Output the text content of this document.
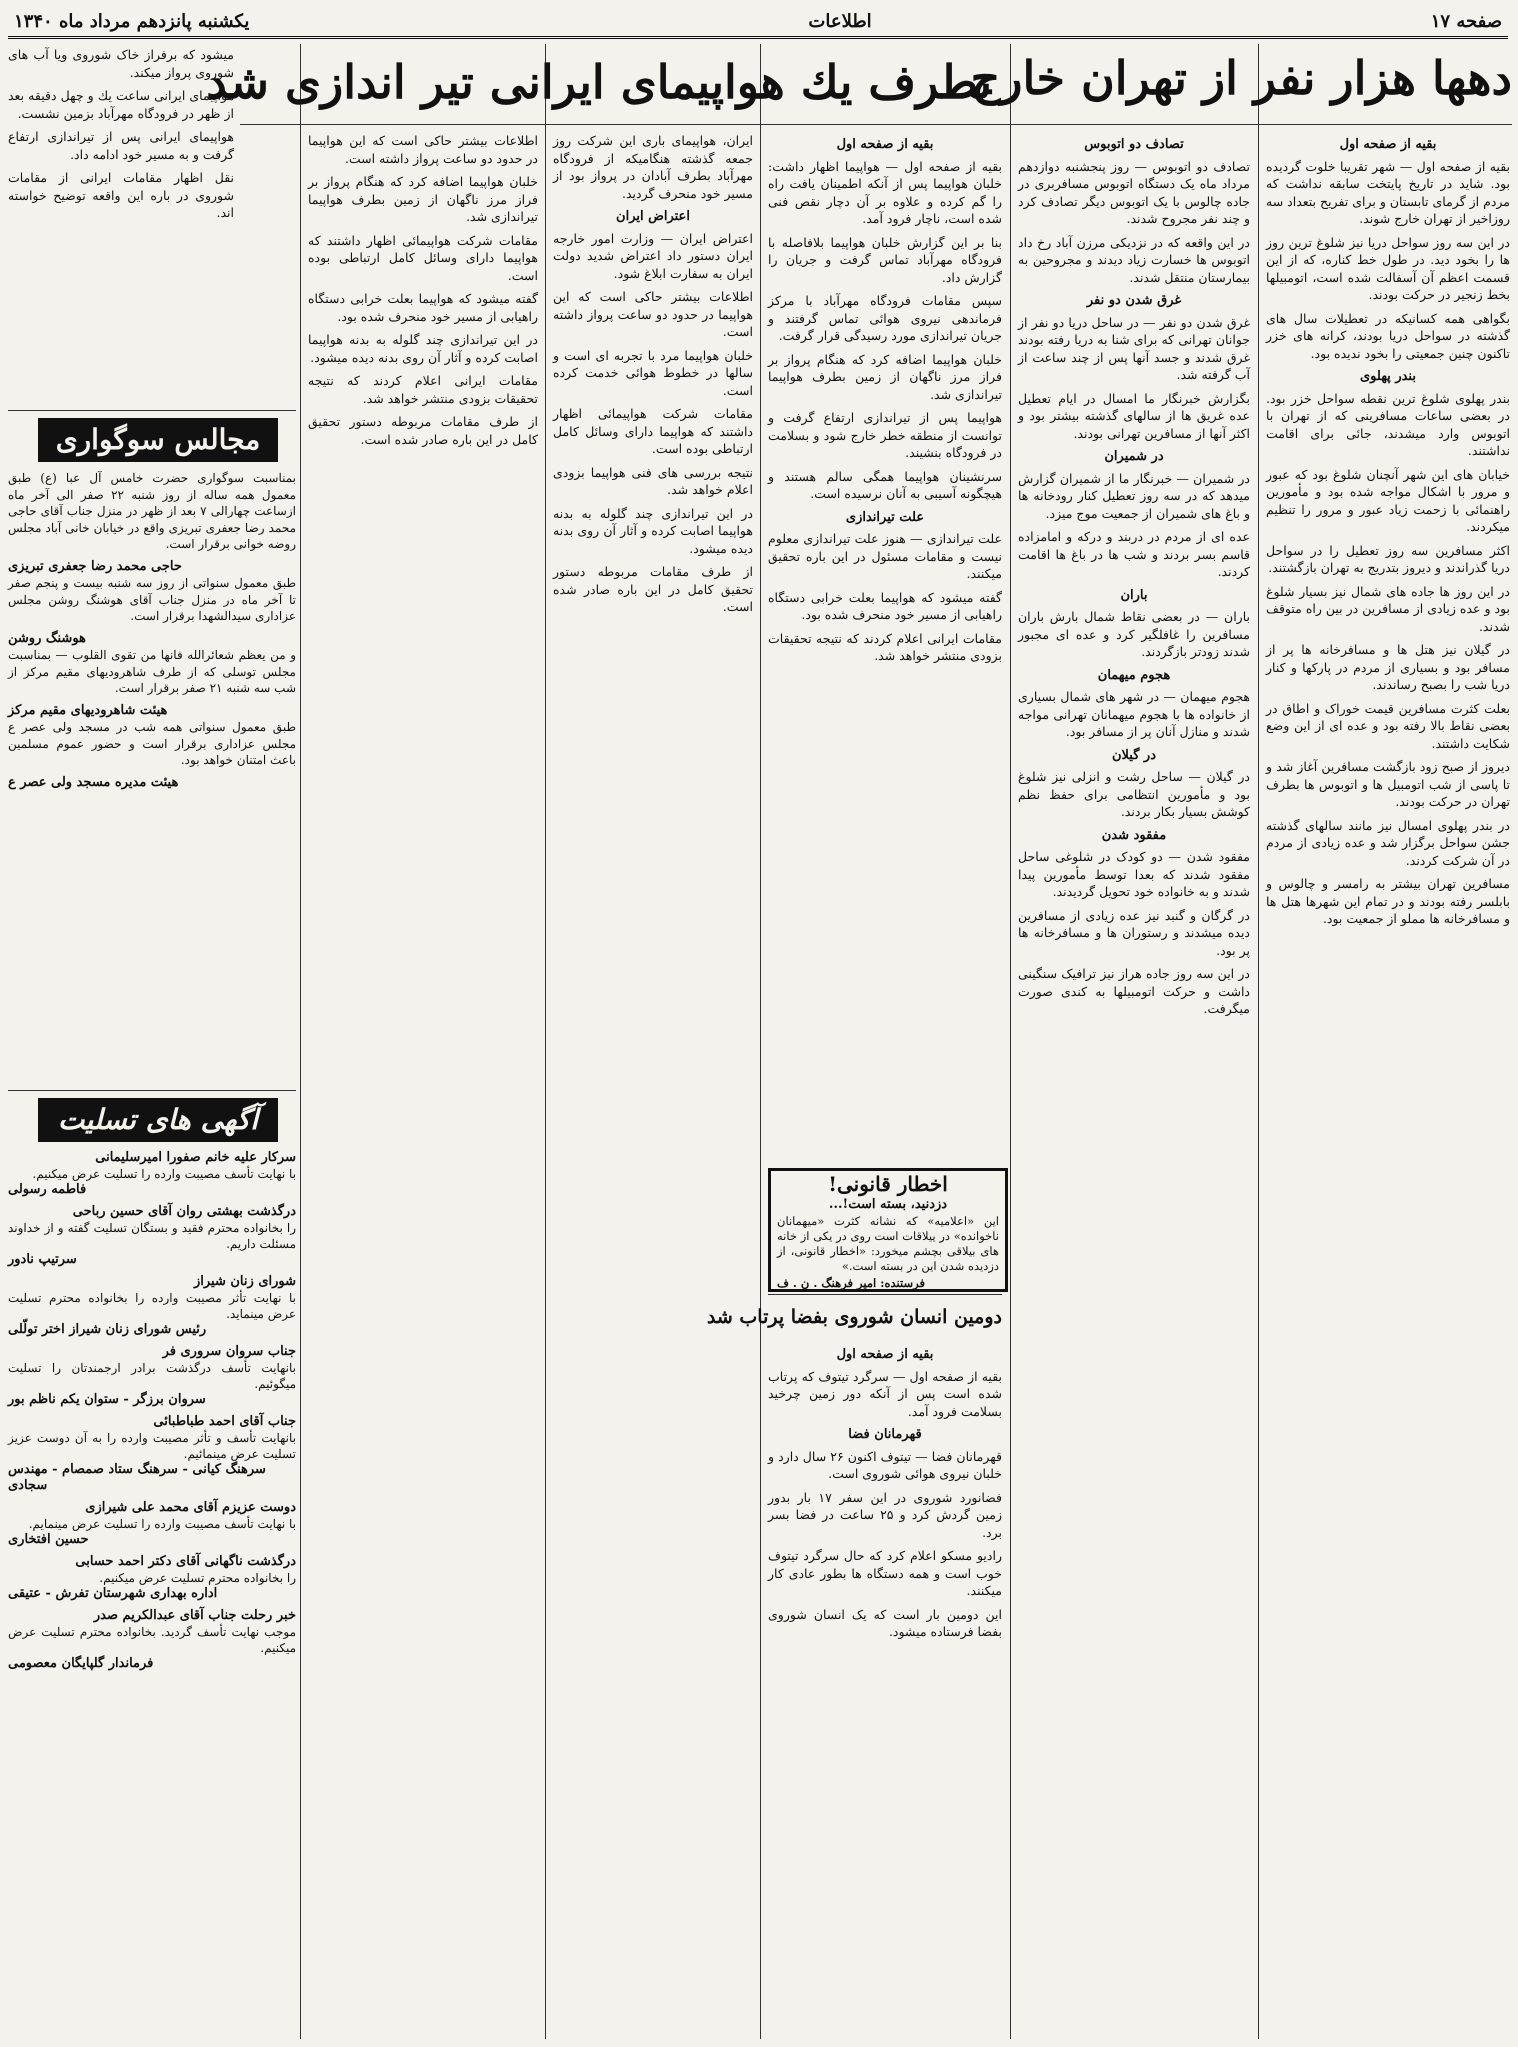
صفحه ۱۷
اطلاعات
یکشنبه پانزدهم مرداد ماه ۱۳۴۰
دهها هزار نفر از تهران خارج
بطرف یك هواپیمای ایرانی تیر اندازی شد
بقیه از صفحه اول

بقیه از صفحه اول — شهر تقریبا خلوت گردیده بود. شاید در تاریخ پایتخت سابقه نداشت که مردم از گرمای تابستان و برای تفریح بتعداد سه روزاخیر از تهران خارج شوند.

در این سه روز سواحل دریا نیز شلوغ ترین روز ها را بخود دید. در طول خط کناره، که از این قسمت اعظم آن آسفالت شده است، اتومبیلها بخط زنجیر در حرکت بودند.

بگواهی همه کسانیکه در تعطیلات سال های گذشته در سواحل دریا بودند، کرانه های خزر تاکنون چنین جمعیتی را بخود ندیده بود.

بندر پهلوی

بندر پهلوی شلوغ ترین نقطه سواحل خزر بود. در بعضی ساعات مسافرینی که از تهران با اتوبوس وارد میشدند، جائی برای اقامت نداشتند.

خیابان های این شهر آنچنان شلوغ بود که عبور و مرور با اشکال مواجه شده بود و مأمورین راهنمائی با زحمت زیاد عبور و مرور را تنظیم میکردند.

اکثر مسافرین سه روز تعطیل را در سواحل دریا گذراندند و دیروز بتدریج به تهران بازگشتند.

در این روز ها جاده های شمال نیز بسیار شلوغ بود و عده زیادی از مسافرین در بین راه متوقف شدند.

در گیلان نیز هتل ها و مسافرخانه ها پر از مسافر بود و بسیاری از مردم در پارکها و کنار دریا شب را بصبح رساندند.

بعلت کثرت مسافرین قیمت خوراک و اطاق در بعضی نقاط بالا رفته بود و عده ای از این وضع شکایت داشتند.

دیروز از صبح زود بازگشت مسافرین آغاز شد و تا پاسی از شب اتومبیل ها و اتوبوس ها بطرف تهران در حرکت بودند.

در بندر پهلوی امسال نیز مانند سالهای گذشته جشن سواحل برگزار شد و عده زیادی از مردم در آن شرکت کردند.

مسافرین تهران بیشتر به رامسر و چالوس و بابلسر رفته بودند و در تمام این شهرها هتل ها و مسافرخانه ها مملو از جمعیت بود.

تصادف دو اتوبوس

تصادف دو اتوبوس — روز پنجشنبه دوازدهم مرداد ماه یک دستگاه اتوبوس مسافربری در جاده چالوس با یک اتوبوس دیگر تصادف کرد و چند نفر مجروح شدند.

در این واقعه که در نزدیکی مرزن آباد رخ داد اتوبوس ها خسارت زیاد دیدند و مجروحین به بیمارستان منتقل شدند.

غرق شدن دو نفر

غرق شدن دو نفر — در ساحل دریا دو نفر از جوانان تهرانی که برای شنا به دریا رفته بودند غرق شدند و جسد آنها پس از چند ساعت از آب گرفته شد.

بگزارش خبرنگار ما امسال در ایام تعطیل عده غریق ها از سالهای گذشته بیشتر بود و اکثر آنها از مسافرین تهرانی بودند.

در شمیران

در شمیران — خبرنگار ما از شمیران گزارش میدهد که در سه روز تعطیل کنار رودخانه ها و باغ های شمیران از جمعیت موج میزد.

عده ای از مردم در دربند و درکه و امامزاده قاسم بسر بردند و شب ها در باغ ها اقامت کردند.

باران

باران — در بعضی نقاط شمال بارش باران مسافرین را غافلگیر کرد و عده ای مجبور شدند زودتر بازگردند.

هجوم میهمان

هجوم میهمان — در شهر های شمال بسیاری از خانواده ها با هجوم میهمانان تهرانی مواجه شدند و منازل آنان پر از مسافر بود.

در گیلان

در گیلان — ساحل رشت و انزلی نیز شلوغ بود و مأمورین انتظامی برای حفظ نظم کوشش بسیار بکار بردند.

مفقود شدن

مفقود شدن — دو کودک در شلوغی ساحل مفقود شدند که بعدا توسط مأمورین پیدا شدند و به خانواده خود تحویل گردیدند.

در گرگان و گنبد نیز عده زیادی از مسافرین دیده میشدند و رستوران ها و مسافرخانه ها پر بود.

در این سه روز جاده هراز نیز ترافیک سنگینی داشت و حرکت اتومبیلها به کندی صورت میگرفت.

بقیه از صفحه اول

بقیه از صفحه اول — هواپیما اظهار داشت: خلبان هواپیما پس از آنکه اطمینان یافت راه را گم کرده و علاوه بر آن دچار نقص فنی شده است، ناچار فرود آمد.

بنا بر این گزارش خلبان هواپیما بلافاصله با فرودگاه مهرآباد تماس گرفت و جریان را گزارش داد.

سپس مقامات فرودگاه مهرآباد با مرکز فرماندهی نیروی هوائی تماس گرفتند و جریان تیراندازی مورد رسیدگی قرار گرفت.

خلبان هواپیما اضافه کرد که هنگام پرواز بر فراز مرز ناگهان از زمین بطرف هواپیما تیراندازی شد.

هواپیما پس از تیراندازی ارتفاع گرفت و توانست از منطقه خطر خارج شود و بسلامت در فرودگاه بنشیند.

سرنشینان هواپیما همگی سالم هستند و هیچگونه آسیبی به آنان نرسیده است.

علت تیراندازی

علت تیراندازی — هنوز علت تیراندازی معلوم نیست و مقامات مسئول در این باره تحقیق میکنند.

گفته میشود که هواپیما بعلت خرابی دستگاه راهیابی از مسیر خود منحرف شده بود.

مقامات ایرانی اعلام کردند که نتیجه تحقیقات بزودی منتشر خواهد شد.

ایران، هواپیمای باری این شرکت روز جمعه گذشته هنگامیکه از فرودگاه مهرآباد بطرف آبادان در پرواز بود از مسیر خود منحرف گردید.

اعتراض ایران

اعتراض ایران — وزارت امور خارجه ایران دستور داد اعتراض شدید دولت ایران به سفارت ابلاغ شود.

اطلاعات بیشتر حاکی است که این هواپیما در حدود دو ساعت پرواز داشته است.

خلبان هواپیما مرد با تجربه ای است و سالها در خطوط هوائی خدمت کرده است.

مقامات شرکت هواپیمائی اظهار داشتند که هواپیما دارای وسائل کامل ارتباطی بوده است.

نتیجه بررسی های فنی هواپیما بزودی اعلام خواهد شد.

در این تیراندازی چند گلوله به بدنه هواپیما اصابت کرده و آثار آن روی بدنه دیده میشود.

از طرف مقامات مربوطه دستور تحقیق کامل در این باره صادر شده است.

اخطار قانونی!
دزدنید، بسته است!...
این «اعلامیه» که نشانه کثرت «میهمانان ناخوانده» در ییلاقات است روی در یکی از خانه های بیلاقی بچشم میخورد: «اخطار قانونی، از دزدیده شدن این در بسته است.»
فرستنده: امیر فرهنگ . ن . ف
دومین انسان شوروی بفضا پرتاب شد
بقیه از صفحه اول

بقیه از صفحه اول — سرگرد تیتوف که پرتاب شده است پس از آنکه دور زمین چرخید بسلامت فرود آمد.

قهرمانان فضا

قهرمانان فضا — تیتوف اکنون ۲۶ سال دارد و خلبان نیروی هوائی شوروی است.

فضانورد شوروی در این سفر ۱۷ بار بدور زمین گردش کرد و ۲۵ ساعت در فضا بسر برد.

رادیو مسکو اعلام کرد که حال سرگرد تیتوف خوب است و همه دستگاه ها بطور عادی کار میکنند.

این دومین بار است که یک انسان شوروی بفضا فرستاده میشود.

میشود که برفراز خاک شوروی ویا آب های شوروی پرواز میکند.

هواپیمای ایرانی ساعت یك و چهل دقیقه بعد از ظهر در فرودگاه مهرآباد بزمین نشست.

هواپیمای ایرانی پس از تیراندازی ارتفاع گرفت و به مسیر خود ادامه داد.

نقل اظهار مقامات ایرانی از مقامات شوروی در باره این واقعه توضیح خواسته اند.

اطلاعات بیشتر حاکی است که این هواپیما در حدود دو ساعت پرواز داشته است.

خلبان هواپیما اضافه کرد که هنگام پرواز بر فراز مرز ناگهان از زمین بطرف هواپیما تیراندازی شد.

مقامات شرکت هواپیمائی اظهار داشتند که هواپیما دارای وسائل کامل ارتباطی بوده است.

گفته میشود که هواپیما بعلت خرابی دستگاه راهیابی از مسیر خود منحرف شده بود.

در این تیراندازی چند گلوله به بدنه هواپیما اصابت کرده و آثار آن روی بدنه دیده میشود.

مقامات ایرانی اعلام کردند که نتیجه تحقیقات بزودی منتشر خواهد شد.

از طرف مقامات مربوطه دستور تحقیق کامل در این باره صادر شده است.

مجالس سوگواری

بمناسبت سوگواری حضرت خامس آل عبا (ع) طبق معمول همه ساله از روز شنبه ۲۲ صفر الی آخر ماه ازساعت چهارالی ۷ بعد از ظهر در منزل جناب آقای حاجی محمد رضا جعفری تبریزی واقع در خیابان خانی آباد مجلس روضه خوانی برقرار است.

حاجی محمد رضا جعفری تبریزی

طبق معمول سنواتی از روز سه شنبه بیست و پنجم صفر تا آخر ماه در منزل جناب آقای هوشنگ روشن مجلس عزاداری سیدالشهدا برقرار است.

هوشنگ روشن

و من یعظم شعائرالله فانها من تقوی القلوب — بمناسبت مجلس توسلی که از طرف شاهرودیهای مقیم مرکز از شب سه شنبه ۲۱ صفر برقرار است.

هیئت شاهرودیهای مقیم مرکز

طبق معمول سنواتی همه شب در مسجد ولی عصر ع مجلس عزاداری برقرار است و حضور عموم مسلمین باعث امتنان خواهد بود.

هیئت مدیره مسجد ولی عصر ع
آگهی های تسلیت
سرکار علیه خانم صفورا امیرسلیمانی
با نهایت تأسف مصیبت وارده را تسلیت عرض میکنیم.
فاطمه رسولی
درگذشت بهشتی روان آقای حسین رباحی
را بخانواده محترم فقید و بستگان تسلیت گفته و از خداوند مسئلت داریم.
سرتیپ نادور
شورای زنان شیراز
با نهایت تأثر مصیبت وارده را بخانواده محترم تسلیت عرض مینماید.
رئیس شورای زنان شیراز اختر تولّلی
جناب سروان سروری فر
بانهایت تأسف درگذشت برادر ارجمندتان را تسلیت میگوئیم.
سروان برزگر - ستوان یکم ناظم بور
جناب آقای احمد طباطبائی
بانهایت تأسف و تأثر مصیبت وارده را به آن دوست عزیز تسلیت عرض مینمائیم.
سرهنگ کیانی - سرهنگ ستاد صمصام - مهندس سجادی
دوست عزیزم آقای محمد علی شیرازی
با نهایت تأسف مصیبت وارده را تسلیت عرض مینمایم.
حسین افتخاری
درگذشت ناگهانی آقای دکتر احمد حسابی
را بخانواده محترم تسلیت عرض میکنیم.
اداره بهداری شهرستان تفرش - عتیقی
خبر رحلت جناب آقای عبدالکریم صدر
موجب نهایت تأسف گردید. بخانواده محترم تسلیت عرض میکنیم.
فرماندار گلپایگان معصومی
